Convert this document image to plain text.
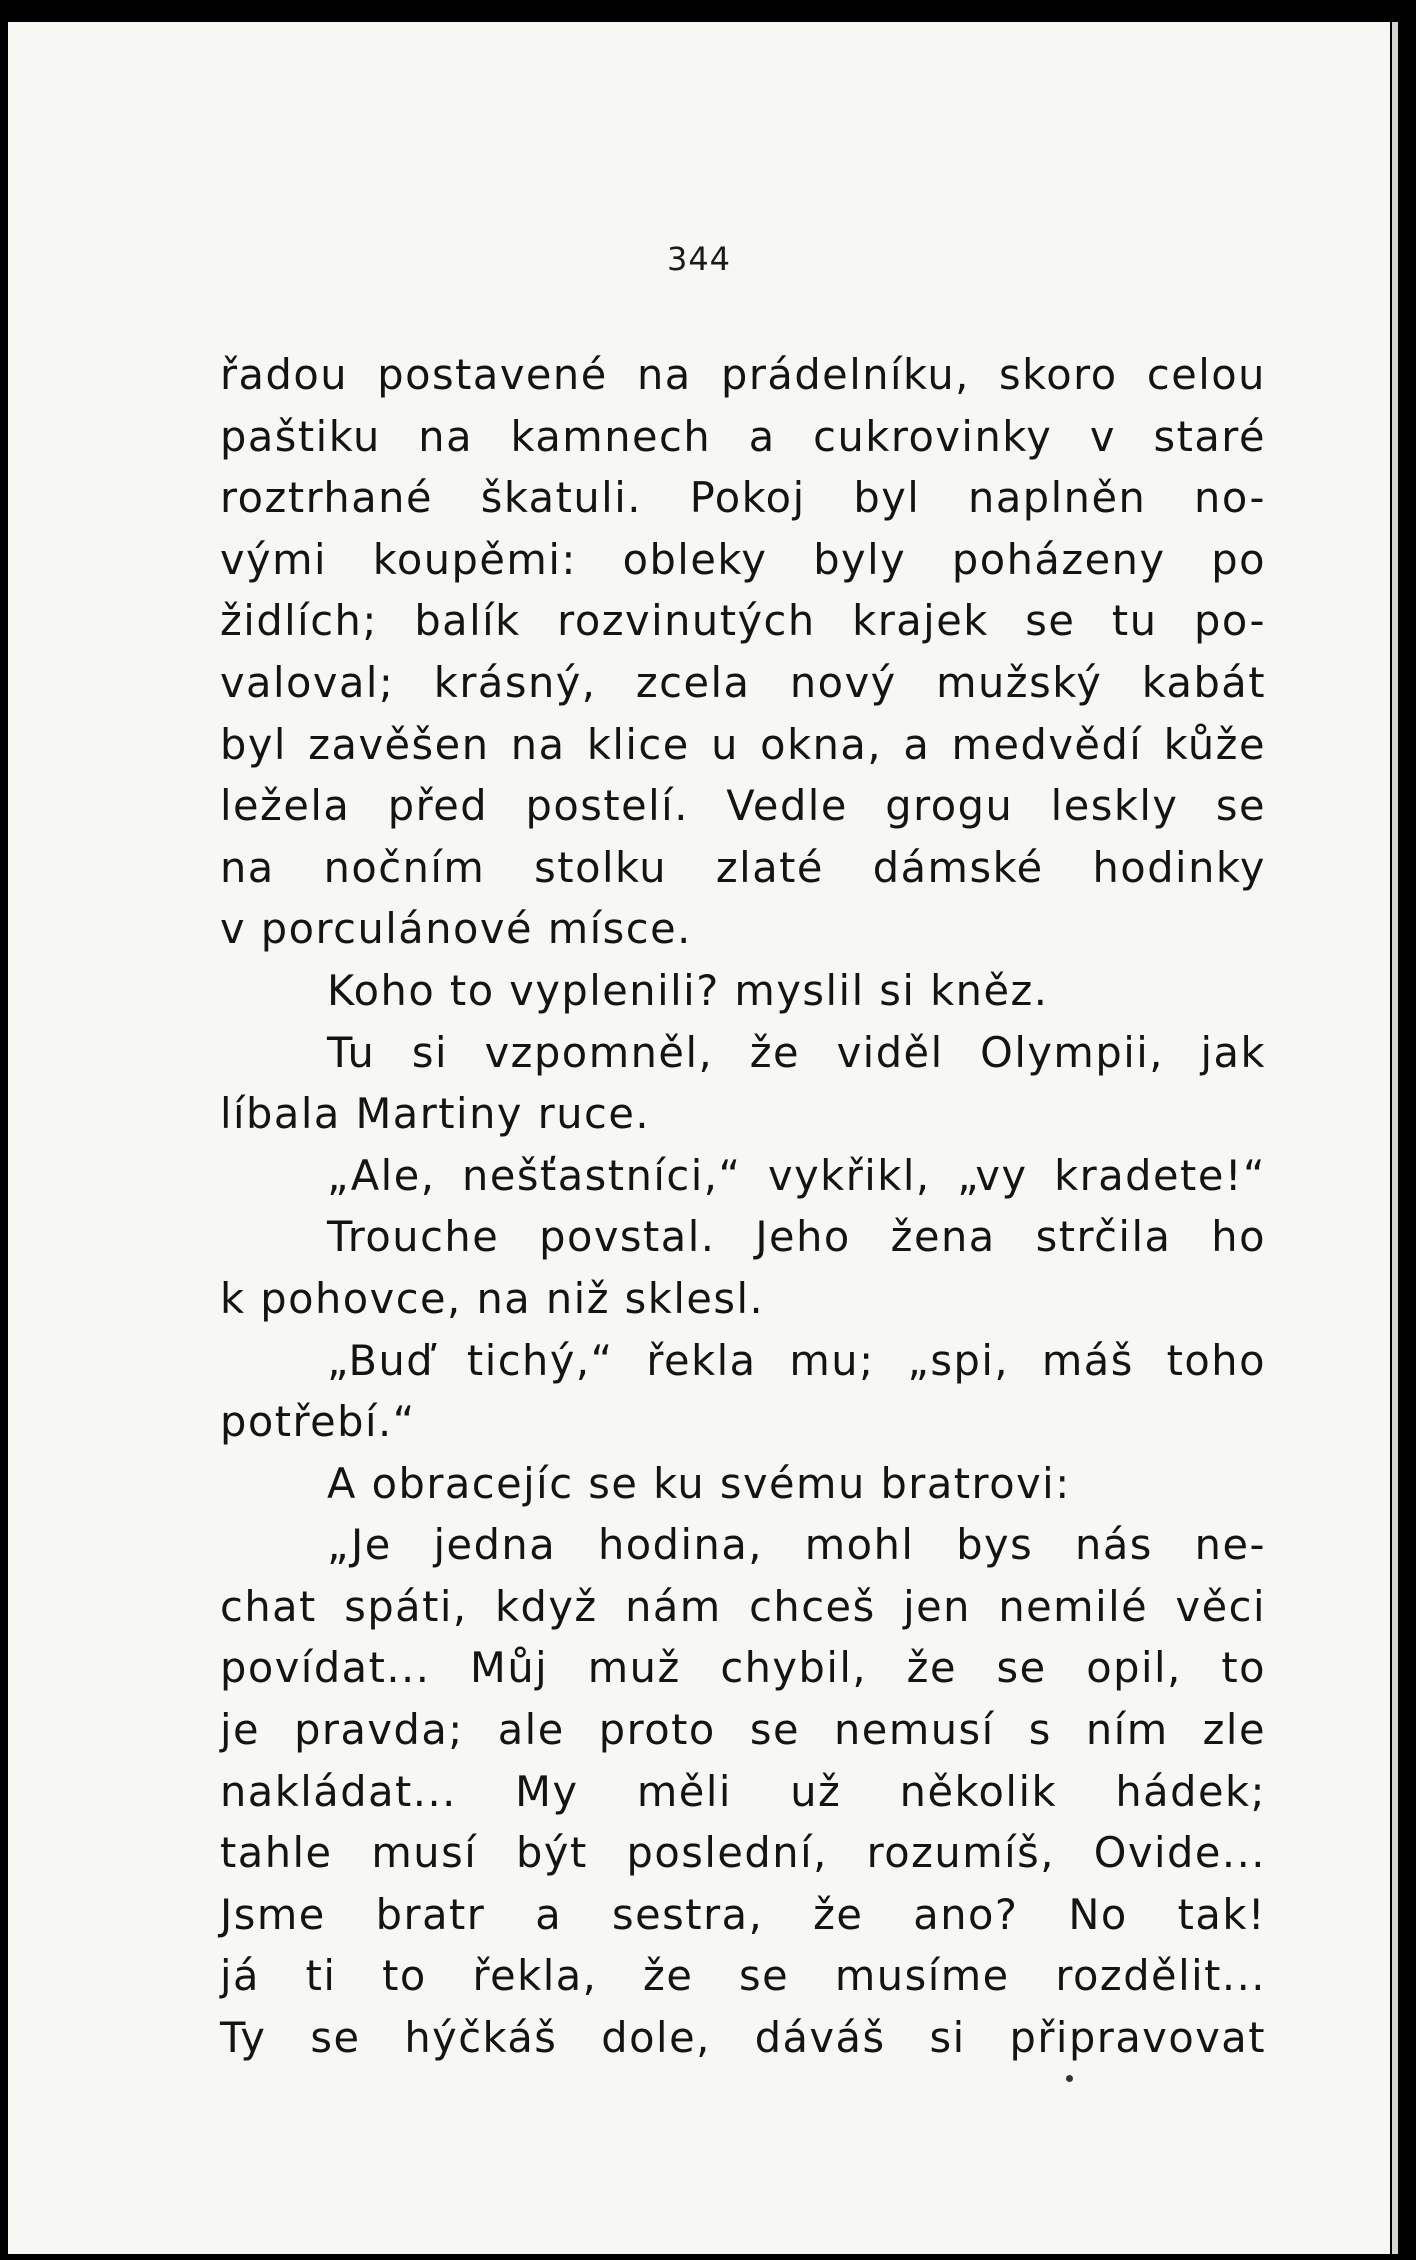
344
řadou postavené na prádelníku, skoro celou
paštiku na kamnech a cukrovinky v staré
roztrhané škatuli. Pokoj byl naplněn no-
vými koupěmi: obleky byly poházeny po
židlích; balík rozvinutých krajek se tu po-
valoval; krásný, zcela nový mužský kabát
byl zavěšen na klice u okna, a medvědí kůže
ležela před postelí. Vedle grogu leskly se
na nočním stolku zlaté dámské hodinky
v porculánové mísce.
Koho to vyplenili? myslil si kněz.
Tu si vzpomněl, že viděl Olympii, jak
líbala Martiny ruce.
„Ale, nešťastníci,“ vykřikl, „vy kradete!“
Trouche povstal. Jeho žena strčila ho
k pohovce, na niž sklesl.
„Buď tichý,“ řekla mu; „spi, máš toho
potřebí.“
A obracejíc se ku svému bratrovi:
„Je jedna hodina, mohl bys nás ne-
chat spáti, když nám chceš jen nemilé věci
povídat... Můj muž chybil, že se opil, to
je pravda; ale proto se nemusí s ním zle
nakládat... My měli už několik hádek;
tahle musí být poslední, rozumíš, Ovide...
Jsme bratr a sestra, že ano? No tak!
já ti to řekla, že se musíme rozdělit...
Ty se hýčkáš dole, dáváš si připravovat
